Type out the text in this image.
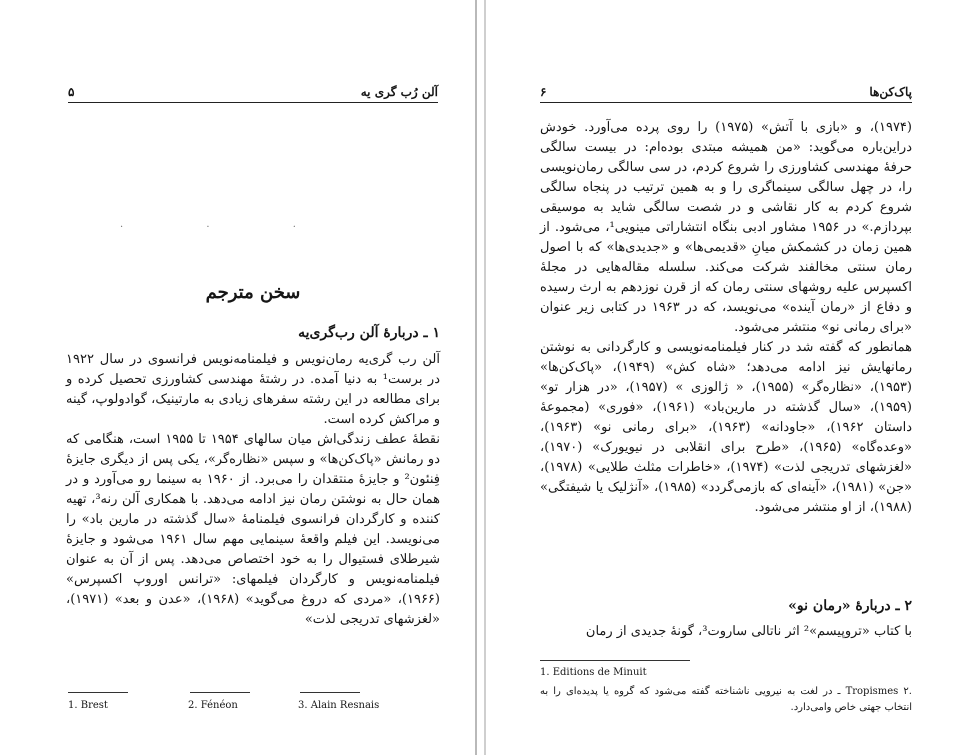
۵	آلن رُب گری یه
· · ·
سخن مترجم
۱ ـ دربارهٔ آلن رب‌گری‌یه

آلن رب گری‌یه رمان‌نویس و فیلمنامه‌نویس فرانسوی در سال ۱۹۲۲ در برست¹ به دنیا آمده. در رشتهٔ مهندسی کشاورزی تحصیل کرده و برای مطالعه در این رشته سفرهای زیادی به مارتینیک، گوادولوپ، گینه و مراکش کرده است.

نقطهٔ عطف زندگی‌اش میان سالهای ۱۹۵۴ تا ۱۹۵۵ است، هنگامی که دو رمانش «پاک‌کن‌ها» و سپس «نظاره‌گر»، یکی پس از دیگری جایزهٔ فِنئون² و جایزهٔ منتقدان را می‌برد. از ۱۹۶۰ به سینما رو می‌آورد و در همان حال به نوشتن رمان نیز ادامه می‌دهد. با همکاری آلن رنه³، تهیه کننده و کارگردان فرانسوی فیلمنامهٔ «سال گذشته در مارین باد» را می‌نویسد. این فیلم واقعهٔ سینمایی مهم سال ۱۹۶۱ می‌شود و جایزهٔ شیرطلای فستیوال را به خود اختصاص می‌دهد. پس از آن به عنوان فیلمنامه‌نویس و کارگردان فیلمهای: «ترانس اوروپ اکسپرس» (۱۹۶۶)، «مردی که دروغ می‌گوید» (۱۹۶۸)، «عدن و بعد» (۱۹۷۱)، «لغزشهای تدریجی لذت»

1. Brest	2. Fénéon	3. Alain Resnais
۶	پاک‌کن‌ها

(۱۹۷۴)، و «بازی با آتش» (۱۹۷۵) را روی پرده می‌آورد. خودش دراین‌باره می‌گوید: «من همیشه مبتدی بوده‌ام: در بیست سالگی حرفهٔ مهندسی کشاورزی را شروع کردم، در سی سالگی رمان‌نویسی را، در چهل سالگی سینماگری را و به همین ترتیب در پنجاه سالگی شروع کردم به کار نقاشی و در شصت سالگی شاید به موسیقی بپردازم.» در ۱۹۵۶ مشاور ادبی بنگاه انتشاراتی مینویی¹، می‌شود. از همین زمان در کشمکش میانِ «قدیمی‌ها» و «جدیدی‌ها» که با اصول رمان سنتی مخالفند شرکت می‌کند. سلسله مقاله‌هایی در مجلهٔ اکسپرس علیه روشهای سنتی رمان که از قرن نوزدهم به ارث رسیده و دفاع از «رمان آینده» می‌نویسد، که در ۱۹۶۳ در کتابی زیر عنوان «برای رمانی نو» منتشر می‌شود.

همانطور که گفته شد در کنار فیلمنامه‌نویسی و کارگردانی به نوشتن رمانهایش نیز ادامه می‌دهد؛ «شاه کش» (۱۹۴۹)، «پاک‌کن‌ها» (۱۹۵۳)، «نظاره‌گر» (۱۹۵۵)، « ژالوزی » (۱۹۵۷)، «در هزار تو» (۱۹۵۹)، «سال گذشته در مارین‌باد» (۱۹۶۱)، «فوری» (مجموعهٔ داستان ۱۹۶۲)، «جاودانه» (۱۹۶۳)، «برای رمانی نو» (۱۹۶۳)، «وعده‌گاه» (۱۹۶۵)، «طرح برای انقلابی در نیویورک» (۱۹۷۰)، «لغزشهای تدریجی لذت» (۱۹۷۴)، «خاطرات مثلث طلایی» (۱۹۷۸)، «جن» (۱۹۸۱)، «آینه‌ای که بازمی‌گردد» (۱۹۸۵)، «آنژلیک یا شیفتگی» (۱۹۸۸)، از او منتشر می‌شود.

۲ ـ دربارهٔ «رمان نو»

با کتاب «تروپیسم»² اثر ناتالی ساروت³، گونهٔ جدیدی از رمان

1. Editions de Minuit
.Tropismes ۲ ـ در لغت به نیرویی ناشناخته گفته می‌شود که گروه یا پدیده‌ای را به انتخاب جهتی خاص وامی‌دارد.
